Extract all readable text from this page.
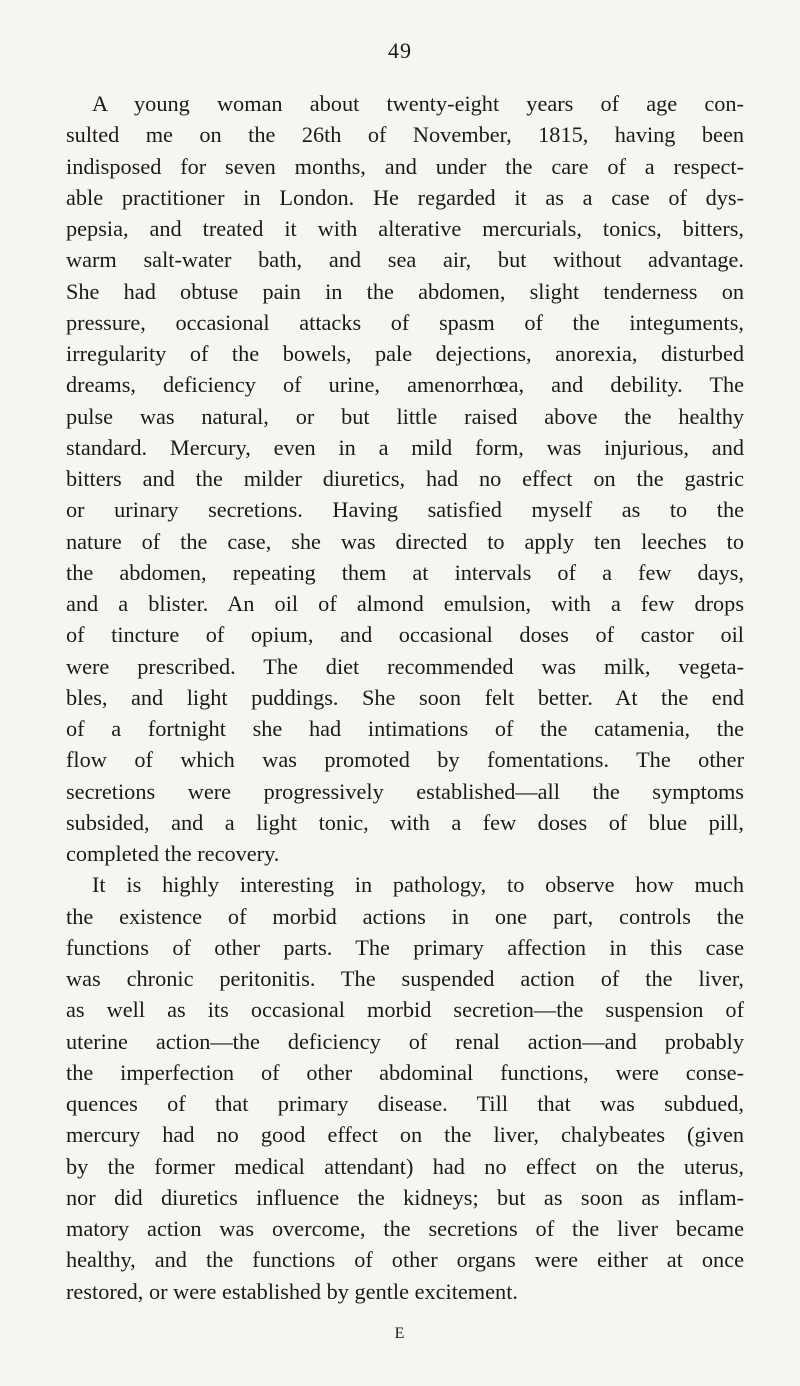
49
A young woman about twenty-eight years of age con-
sulted me on the 26th of November, 1815, having been
indisposed for seven months, and under the care of a respect-
able practitioner in London. He regarded it as a case of dys-
pepsia, and treated it with alterative mercurials, tonics, bitters,
warm salt-water bath, and sea air, but without advantage.
She had obtuse pain in the abdomen, slight tenderness on
pressure, occasional attacks of spasm of the integuments,
irregularity of the bowels, pale dejections, anorexia, disturbed
dreams, deficiency of urine, amenorrhœa, and debility. The
pulse was natural, or but little raised above the healthy
standard. Mercury, even in a mild form, was injurious, and
bitters and the milder diuretics, had no effect on the gastric
or urinary secretions. Having satisfied myself as to the
nature of the case, she was directed to apply ten leeches to
the abdomen, repeating them at intervals of a few days,
and a blister. An oil of almond emulsion, with a few drops
of tincture of opium, and occasional doses of castor oil
were prescribed. The diet recommended was milk, vegeta-
bles, and light puddings. She soon felt better. At the end
of a fortnight she had intimations of the catamenia, the
flow of which was promoted by fomentations. The other
secretions were progressively established—all the symptoms
subsided, and a light tonic, with a few doses of blue pill,
completed the recovery.
It is highly interesting in pathology, to observe how much
the existence of morbid actions in one part, controls the
functions of other parts. The primary affection in this case
was chronic peritonitis. The suspended action of the liver,
as well as its occasional morbid secretion—the suspension of
uterine action—the deficiency of renal action—and probably
the imperfection of other abdominal functions, were conse-
quences of that primary disease. Till that was subdued,
mercury had no good effect on the liver, chalybeates (given
by the former medical attendant) had no effect on the uterus,
nor did diuretics influence the kidneys; but as soon as inflam-
matory action was overcome, the secretions of the liver became
healthy, and the functions of other organs were either at once
restored, or were established by gentle excitement.
E
